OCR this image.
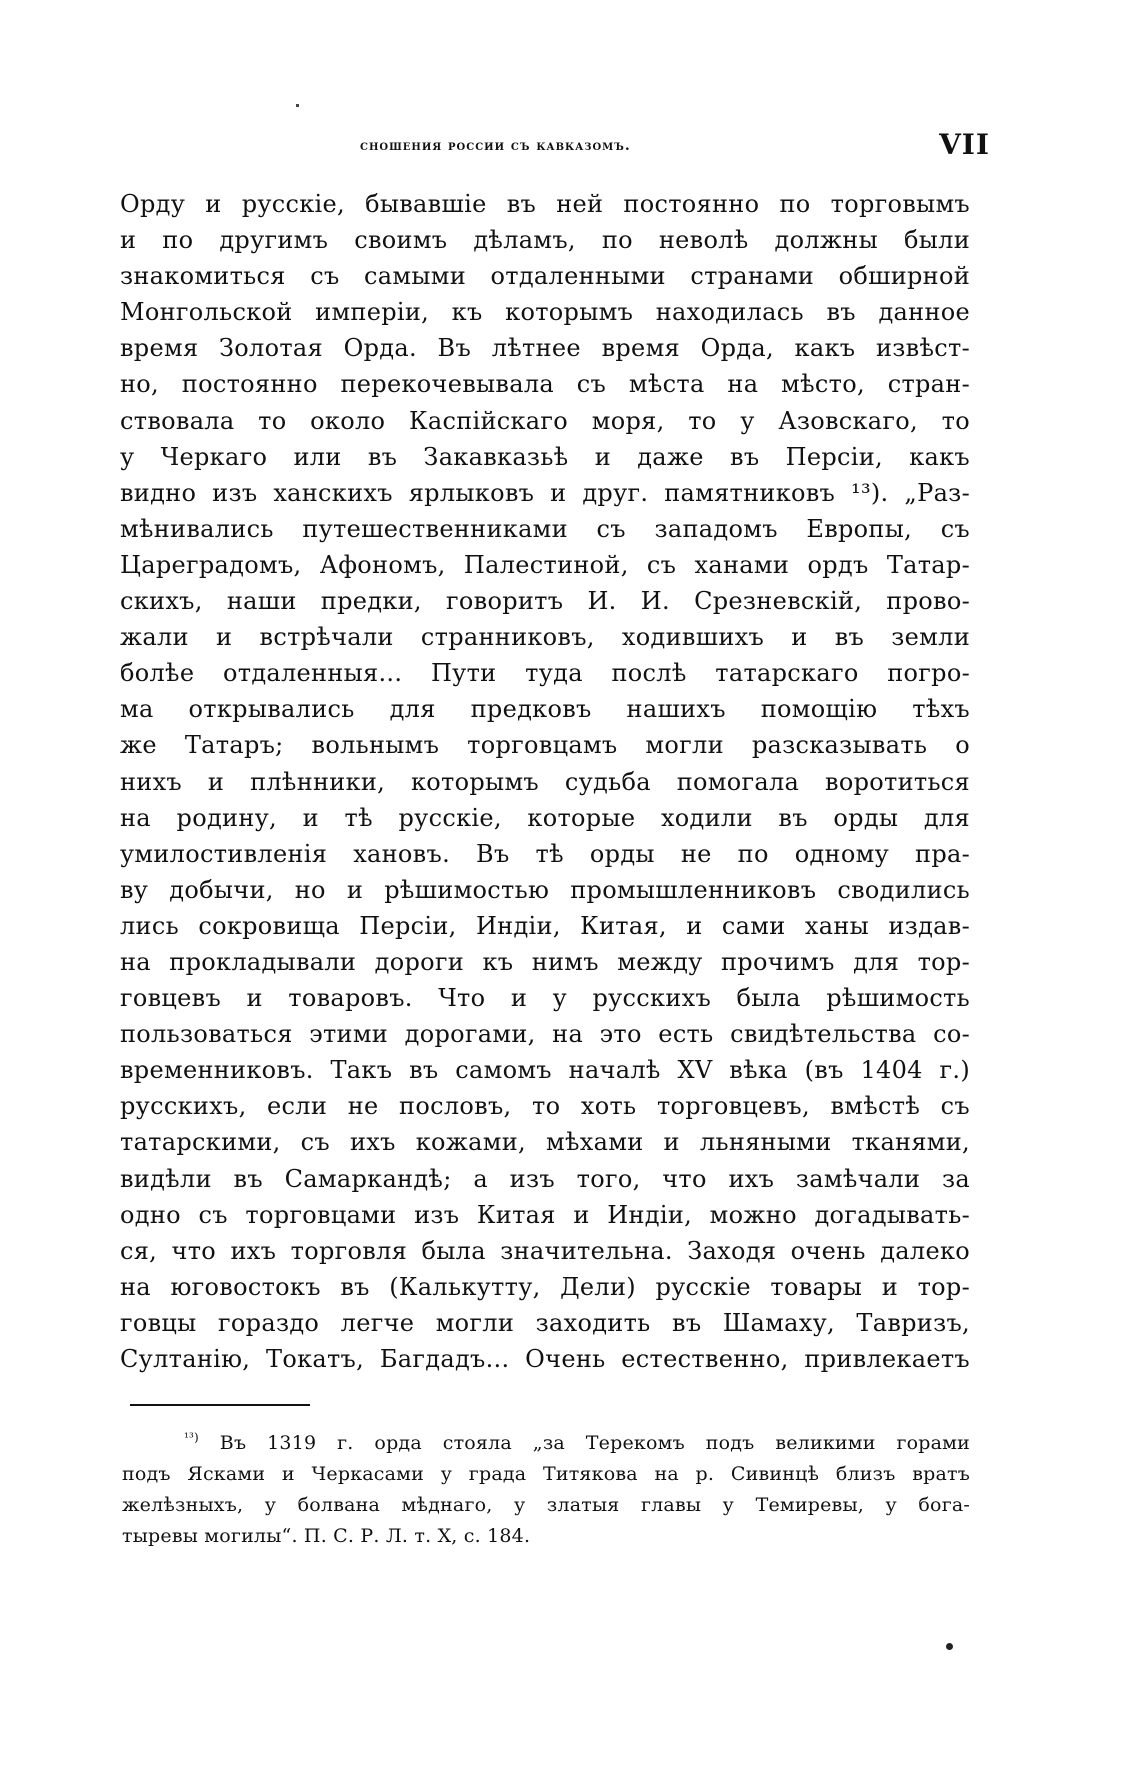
сношения россии съ кавказомъ.	VII
Орду и русскіе, бывавшіе въ ней постоянно по торговымъ
и по другимъ своимъ дѣламъ, по неволѣ должны были
знакомиться съ самыми отдаленными странами обширной
Монгольской имперіи, къ которымъ находилась въ данное
время Золотая Орда. Въ лѣтнее время Орда, какъ извѣст-
но, постоянно перекочевывала съ мѣста на мѣсто, стран-
ствовала то около Каспійскаго моря, то у Азовскаго, то
у Черкаго или въ Закавказьѣ и даже въ Персіи, какъ
видно изъ ханскихъ ярлыковъ и друг. памятниковъ ¹³). „Раз-
мѣнивались путешественниками съ западомъ Европы, съ
Цареградомъ, Афономъ, Палестиной, съ ханами ордъ Татар-
скихъ, наши предки, говоритъ И. И. Срезневскій, прово-
жали и встрѣчали странниковъ, ходившихъ и въ земли
болѣе отдаленныя... Пути туда послѣ татарскаго погро-
ма открывались для предковъ нашихъ помощію тѣхъ
же Татаръ; вольнымъ торговцамъ могли разсказывать о
нихъ и плѣнники, которымъ судьба помогала воротиться
на родину, и тѣ русскіе, которые ходили въ орды для
умилостивленія хановъ. Въ тѣ орды не по одному пра-
ву добычи, но и рѣшимостью промышленниковъ сводились
лись сокровища Персіи, Индіи, Китая, и сами ханы издав-
на прокладывали дороги къ нимъ между прочимъ для тор-
говцевъ и товаровъ. Что и у русскихъ была рѣшимость
пользоваться этими дорогами, на это есть свидѣтельства со-
временниковъ. Такъ въ самомъ началѣ XV вѣка (въ 1404 г.)
русскихъ, если не пословъ, то хоть торговцевъ, вмѣстѣ съ
татарскими, съ ихъ кожами, мѣхами и льняными тканями,
видѣли въ Самаркандѣ; а изъ того, что ихъ замѣчали за
одно съ торговцами изъ Китая и Индіи, можно догадывать-
ся, что ихъ торговля была значительна. Заходя очень далеко
на юговостокъ въ (Калькутту, Дели) русскіе товары и тор-
говцы гораздо легче могли заходить въ Шамаху, Тавризъ,
Султанію, Токатъ, Багдадъ... Очень естественно, привлекаетъ
$^{^{13})}$ Въ 1319 г. орда стояла „за Терекомъ подъ великими горами
подъ Ясками и Черкасами у града Титякова на р. Сивинцѣ близъ вратъ
желѣзныхъ, у болвана мѣднаго, у златыя главы у Темиревы, у бога-
тыревы могилы“. П. С. Р. Л. т. X, с. 184.
